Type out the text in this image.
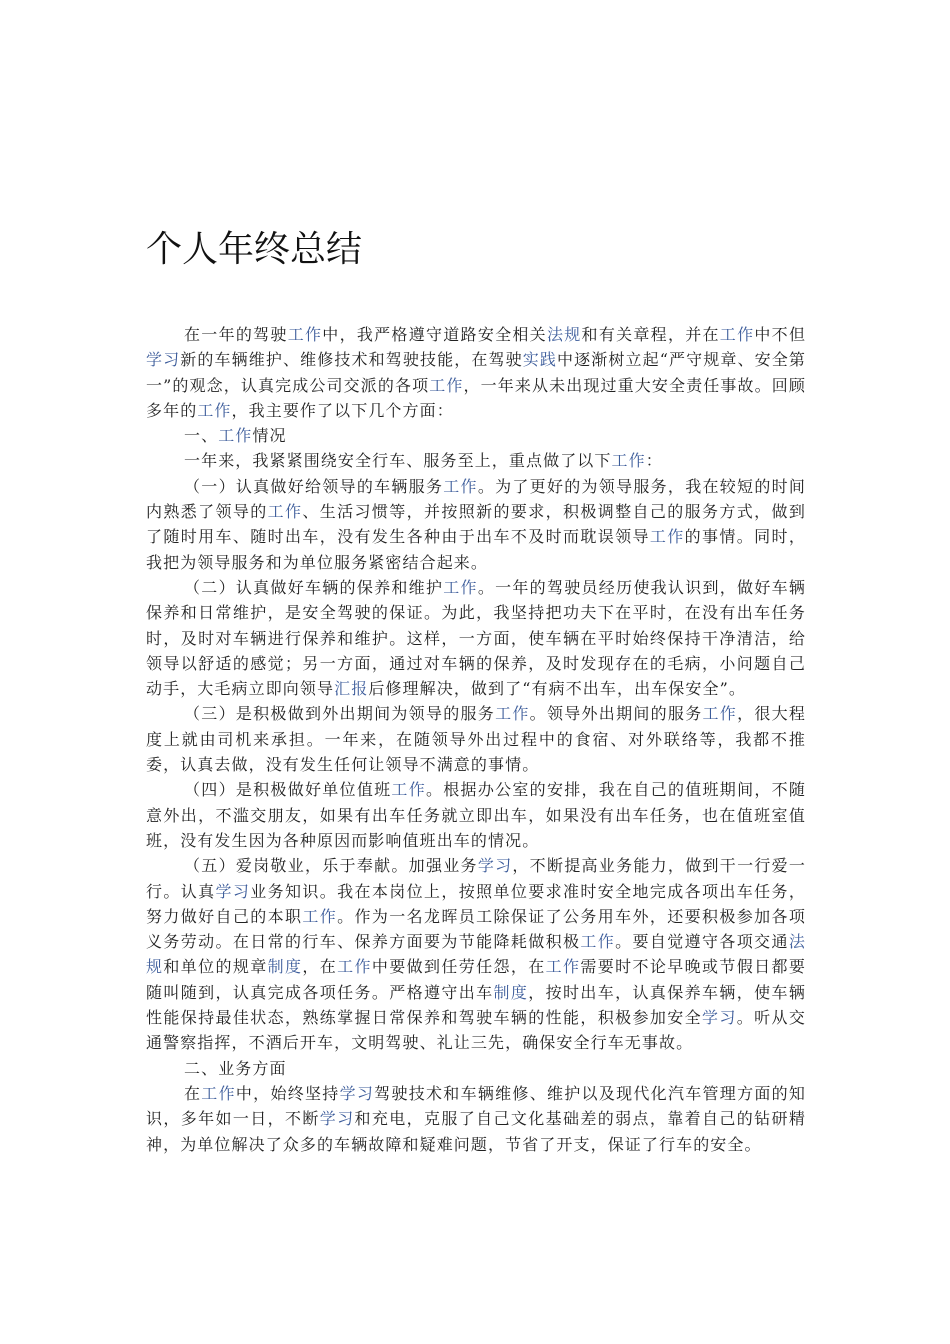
个人年终总结

在一年的驾驶工作中，我严格遵守道路安全相关法规和有关章程，并在工作中不但学习新的车辆维护、维修技术和驾驶技能，在驾驶实践中逐渐树立起“严守规章、安全第一”的观念，认真完成公司交派的各项工作，一年来从未出现过重大安全责任事故。回顾多年的工作，我主要作了以下几个方面：

一、工作情况

一年来，我紧紧围绕安全行车、服务至上，重点做了以下工作：

（一）认真做好给领导的车辆服务工作。为了更好的为领导服务，我在较短的时间内熟悉了领导的工作、生活习惯等，并按照新的要求，积极调整自己的服务方式，做到了随时用车、随时出车，没有发生各种由于出车不及时而耽误领导工作的事情。同时，我把为领导服务和为单位服务紧密结合起来。

（二）认真做好车辆的保养和维护工作。一年的驾驶员经历使我认识到，做好车辆保养和日常维护，是安全驾驶的保证。为此，我坚持把功夫下在平时，在没有出车任务时，及时对车辆进行保养和维护。这样，一方面，使车辆在平时始终保持干净清洁，给领导以舒适的感觉；另一方面，通过对车辆的保养，及时发现存在的毛病，小问题自己动手，大毛病立即向领导汇报后修理解决，做到了“有病不出车，出车保安全”。

（三）是积极做到外出期间为领导的服务工作。领导外出期间的服务工作，很大程度上就由司机来承担。一年来，在随领导外出过程中的食宿、对外联络等，我都不推委，认真去做，没有发生任何让领导不满意的事情。

（四）是积极做好单位值班工作。根据办公室的安排，我在自己的值班期间，不随意外出，不滥交朋友，如果有出车任务就立即出车，如果没有出车任务，也在值班室值班，没有发生因为各种原因而影响值班出车的情况。

（五）爱岗敬业，乐于奉献。加强业务学习，不断提高业务能力，做到干一行爱一行。认真学习业务知识。我在本岗位上，按照单位要求准时安全地完成各项出车任务，努力做好自己的本职工作。作为一名龙晖员工除保证了公务用车外，还要积极参加各项义务劳动。在日常的行车、保养方面要为节能降耗做积极工作。要自觉遵守各项交通法规和单位的规章制度，在工作中要做到任劳任怨，在工作需要时不论早晚或节假日都要随叫随到，认真完成各项任务。严格遵守出车制度，按时出车，认真保养车辆，使车辆性能保持最佳状态，熟练掌握日常保养和驾驶车辆的性能，积极参加安全学习。听从交通警察指挥，不酒后开车，文明驾驶、礼让三先，确保安全行车无事故。

二、业务方面

在工作中，始终坚持学习驾驶技术和车辆维修、维护以及现代化汽车管理方面的知识，多年如一日，不断学习和充电，克服了自己文化基础差的弱点，靠着自己的钻研精神，为单位解决了众多的车辆故障和疑难问题，节省了开支，保证了行车的安全。
